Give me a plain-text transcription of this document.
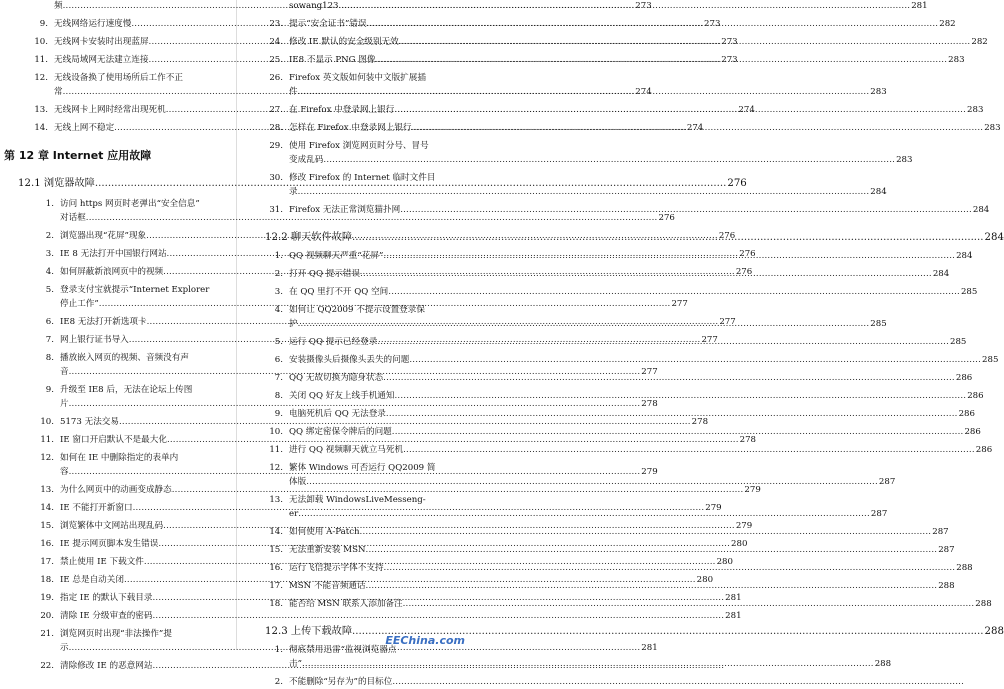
频 .....	273
9. 无线网络运行速度慢 .....	273
10. 无线网卡安装时出现蓝屏 .....	273
11. 无线局域网无法建立连接 .....	273
12. 无线设备换了使用场所后工作不正
常 .....	274
13. 无线网卡上网时经常出现死机 .....	274
14. 无线上网不稳定 .....	274
第 12 章 Internet 应用故障
12.1 浏览器故障 .....	276
1. 访问 https 网页时老弹出“安全信息”
对话框 .....	276
2. 浏览器出现“花屏”现象 .....	276
3. IE 8 无法打开中国银行网站 .....	276
4. 如何屏蔽新浪网页中的视频 .....	276
5. 登录支付宝就提示“Internet Explorer
停止工作” .....	277
6. IE8 无法打开新选项卡 .....	277
7. 网上银行证书导入 .....	277
8. 播放嵌入网页的视频、音频没有声
音 .....	277
9. 升级至 IE8 后，无法在论坛上传图
片 .....	278
10. 5173 无法交易 .....	278
11. IE 窗口开启默认不是最大化 .....	278
12. 如何在 IE 中删除指定的表单内
容 .....	279
13. 为什么网页中的动画变成静态 .....	279
14. IE 不能打开新窗口 .....	279
15. 浏览繁体中文网站出现乱码 .....	279
16. IE 提示网页脚本发生错误 .....	280
17. 禁止使用 IE 下载文件 .....	280
18. IE 总是自动关闭 .....	280
19. 指定 IE 的默认下载目录 .....	281
20. 清除 IE 分级审查的密码 .....	281
21. 浏览网页时出现“非法操作”提
示 .....	281
22. 清除修改 IE 的恶意网站
.....
sowang123 .....	281
23. 提示“安全证书”错误 .....	282
24. 修改 IE 默认的安全级别无效 .....	282
25. IE8 不显示 PNG 图像 .....	283
26. Firefox 英文版如何装中文版扩展插
件 .....	283
27. 在 Firefox 中登录网上银行 .....	283
28. 怎样在 Firefox 中登录网上银行 .....	283
29. 使用 Firefox 浏览网页时分号、冒号
变成乱码 .....	283
30. 修改 Firefox 的 Internet 临时文件目
录 .....	284
31. Firefox 无法正常浏览猫扑网 .....	284
12.2 聊天软件故障 .....	284
1. QQ 视频聊天严重“花屏” .....	284
2. 打开 QQ 提示错误 .....	284
3. 在 QQ 里打不开 QQ 空间 .....	285
4. 如何让 QQ2009 不提示设置登录保
护 .....	285
5. 运行 QQ 提示已经登录 .....	285
6. 安装摄像头后摄像头丢失的问题 .....	285
7. QQ 无故切换为隐身状态 .....	286
8. 关闭 QQ 好友上线手机通知 .....	286
9. 电脑死机后 QQ 无法登录 .....	286
10. QQ 绑定密保令牌后的问题 .....	286
11. 进行 QQ 视频聊天就立马死机 .....	286
12. 繁体 Windows 可否运行 QQ2009 简
体版 .....	287
13. 无法卸载 WindowsLiveMesseng-
er .....	287
14. 如何使用 A-Patch .....	287
15. 无法重新安装 MSN .....	287
16. 运行飞信提示字体不支持 .....	288
17. MSN 不能音频通话 .....	288
18. 能否给 MSN 联系人添加备注 .....	288
12.3 上传下载故障 .....	288
1. 彻底禁用迅雷“监视浏览器点
击” .....	288
2. 不能删除“另存为”的目标位
.....
EEChina.com
